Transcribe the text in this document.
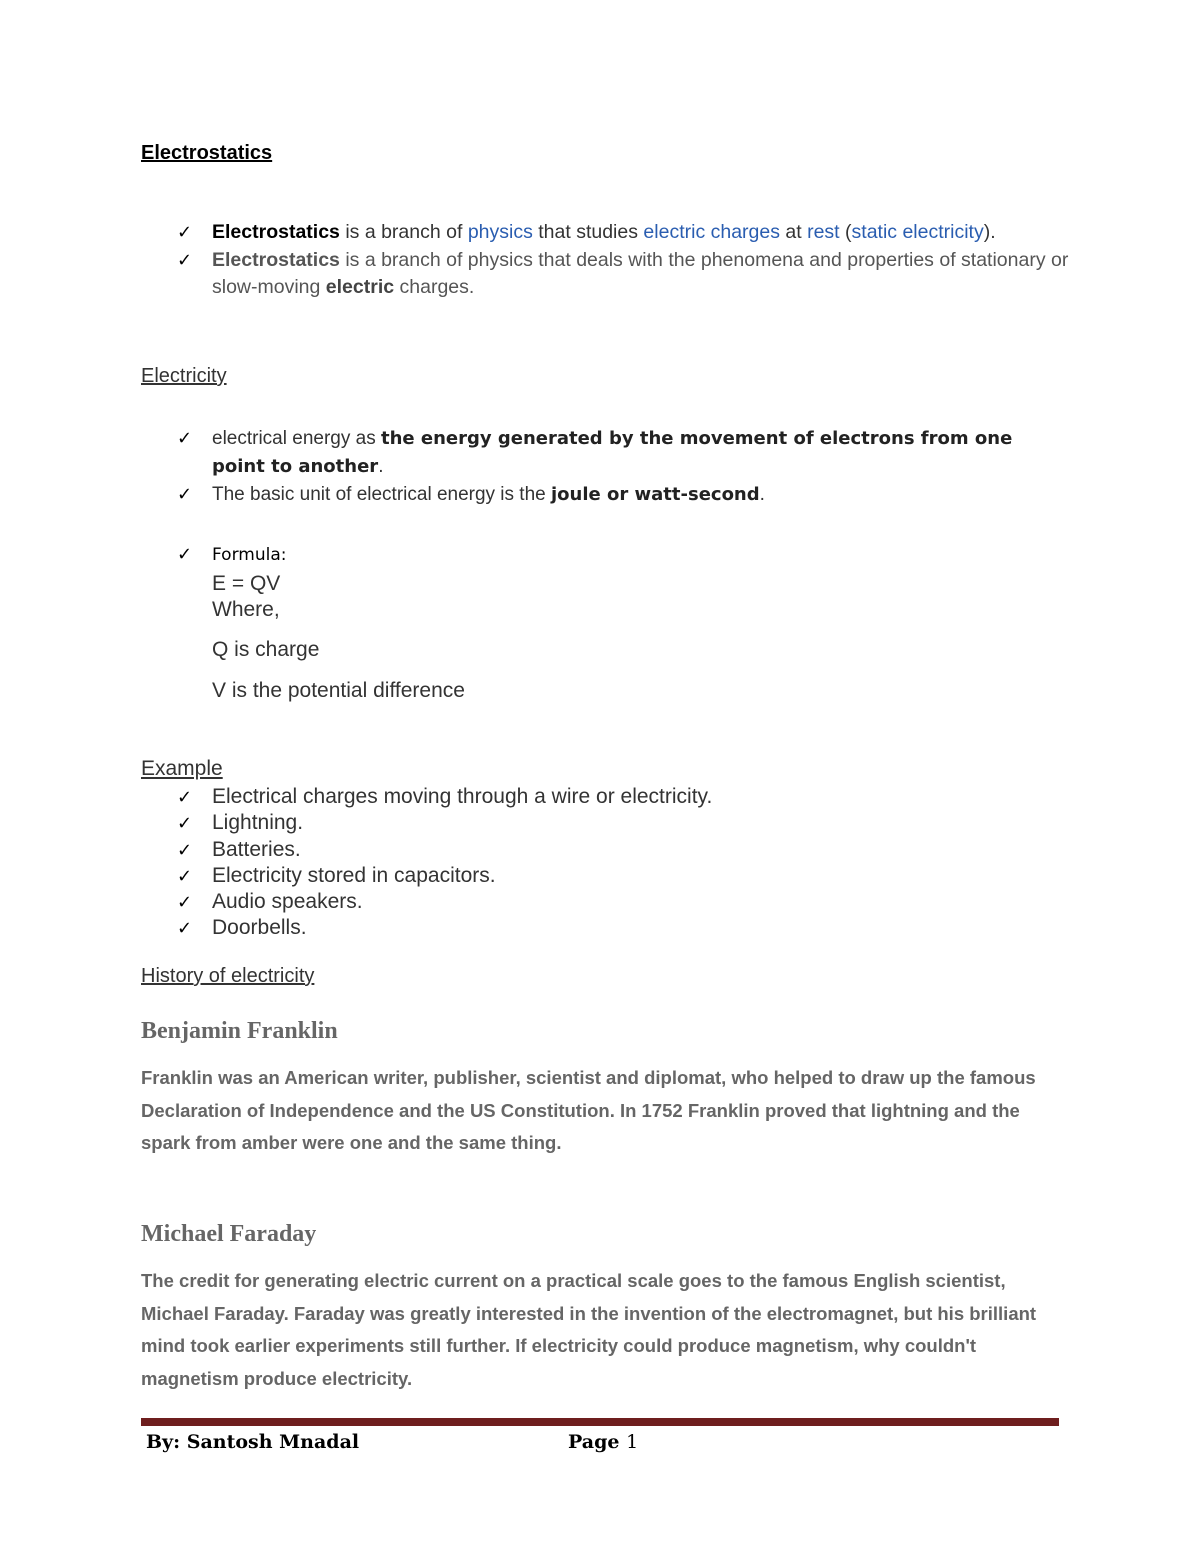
Electrostatics
✓ Electrostatics is a branch of physics that studies electric charges at rest (static electricity).
✓ Electrostatics is a branch of physics that deals with the phenomena and properties of stationary or slow-moving electric charges.
Electricity
✓ electrical energy as the energy generated by the movement of electrons from one point to another.
✓ The basic unit of electrical energy is the joule or watt-second.
✓ Formula:
E = QV
Where,
Q is charge
V is the potential difference
Example
✓ Electrical charges moving through a wire or electricity.
✓ Lightning.
✓ Batteries.
✓ Electricity stored in capacitors.
✓ Audio speakers.
✓ Doorbells.
History of electricity
Benjamin Franklin
Franklin was an American writer, publisher, scientist and diplomat, who helped to draw up the famous Declaration of Independence and the US Constitution. In 1752 Franklin proved that lightning and the spark from amber were one and the same thing.
Michael Faraday
The credit for generating electric current on a practical scale goes to the famous English scientist, Michael Faraday. Faraday was greatly interested in the invention of the electromagnet, but his brilliant mind took earlier experiments still further. If electricity could produce magnetism, why couldn't magnetism produce electricity.
By: Santosh Mnadal	Page 1
